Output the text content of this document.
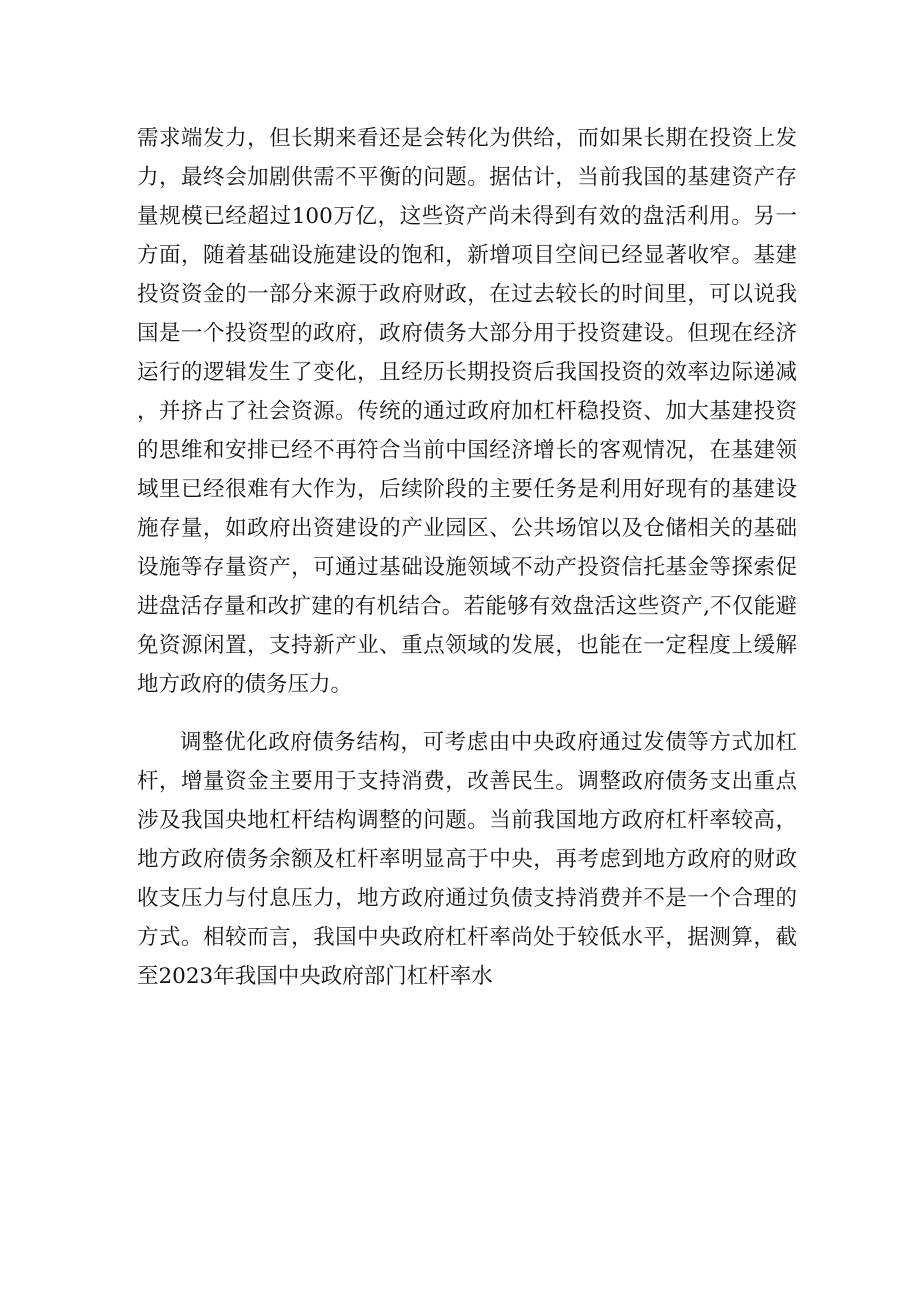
需求端发力，但长期来看还是会转化为供给，而如果长期在投资上发力，最终会加剧供需不平衡的问题。据估计，当前我国的基建资产存量规模已经超过100万亿，这些资产尚未得到有效的盘活利用。另一方面，随着基础设施建设的饱和，新增项目空间已经显著收窄。基建投资资金的一部分来源于政府财政，在过去较长的时间里，可以说我国是一个投资型的政府，政府债务大部分用于投资建设。但现在经济运行的逻辑发生了变化，且经历长期投资后我国投资的效率边际递减，并挤占了社会资源。传统的通过政府加杠杆稳投资、加大基建投资的思维和安排已经不再符合当前中国经济增长的客观情况，在基建领域里已经很难有大作为，后续阶段的主要任务是利用好现有的基建设施存量，如政府出资建设的产业园区、公共场馆以及仓储相关的基础设施等存量资产，可通过基础设施领域不动产投资信托基金等探索促进盘活存量和改扩建的有机结合。若能够有效盘活这些资产,不仅能避免资源闲置，支持新产业、重点领域的发展，也能在一定程度上缓解地方政府的债务压力。

调整优化政府债务结构，可考虑由中央政府通过发债等方式加杠杆，增量资金主要用于支持消费，改善民生。调整政府债务支出重点涉及我国央地杠杆结构调整的问题。当前我国地方政府杠杆率较高，地方政府债务余额及杠杆率明显高于中央，再考虑到地方政府的财政收支压力与付息压力，地方政府通过负债支持消费并不是一个合理的方式。相较而言，我国中央政府杠杆率尚处于较低水平，据测算，截至2023年我国中央政府部门杠杆率水
